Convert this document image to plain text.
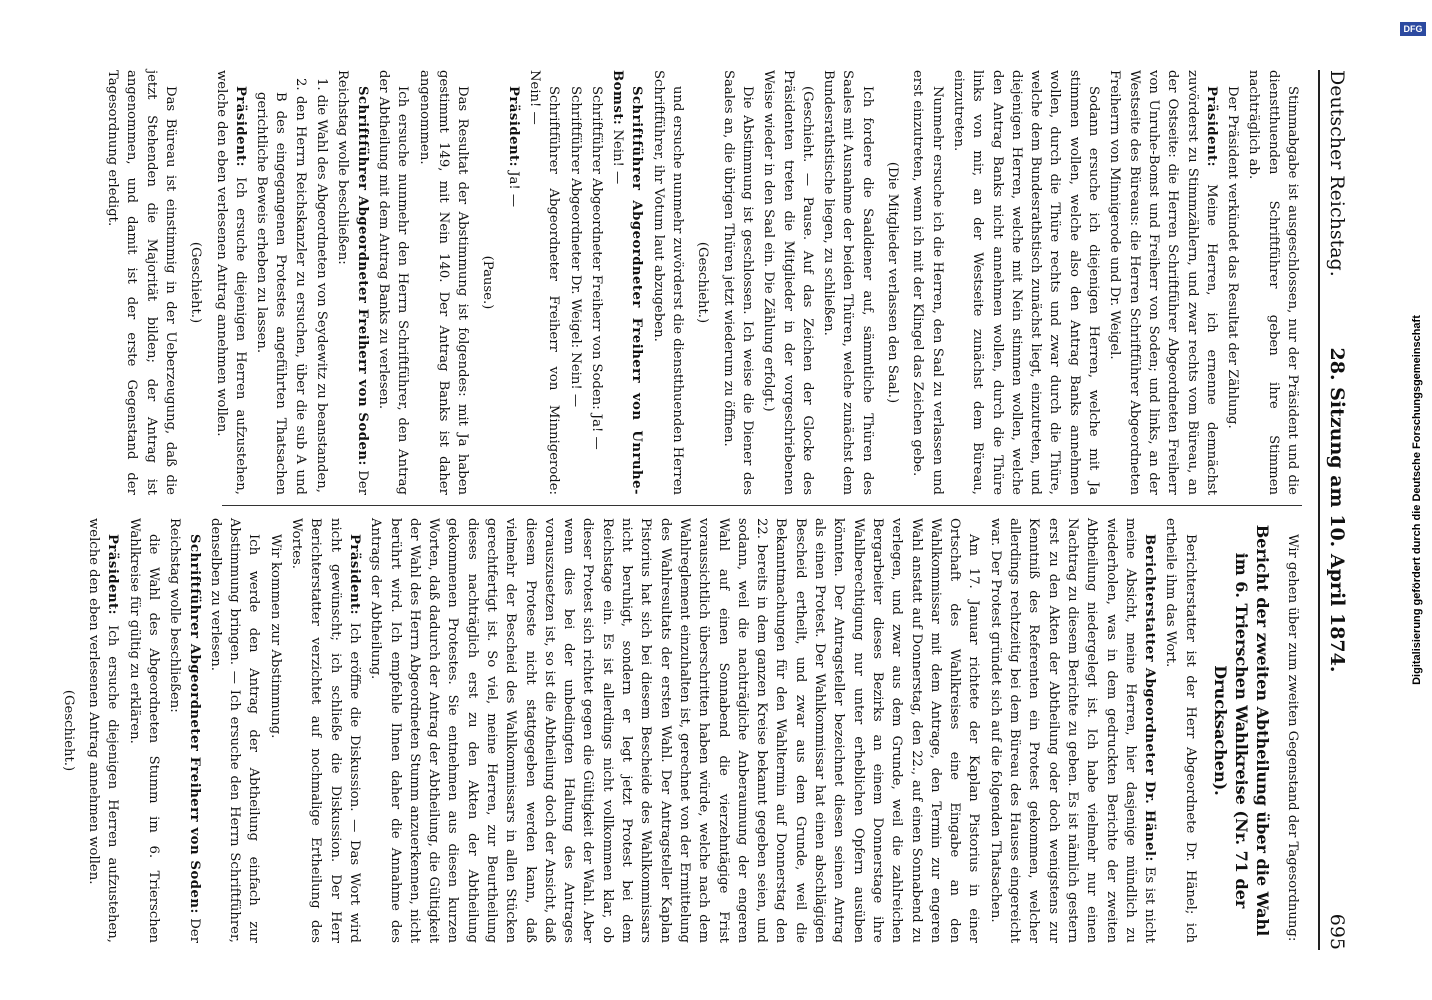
Deutscher Reichstag.
28. Sitzung am 10. April 1874.
695
Stimmabgabe ist ausgeschlossen, nur der Präsident und die dienstthuenden Schriftführer geben ihre Stimmen nachträglich ab.
Der Präsident verkündet das Resultat der Zählung.
Präsident: Meine Herren, ich ernenne demnächst zuvörderst zu Stimmzählern, und zwar rechts vom Büreau, an der Ostseite: die Herren Schriftführer Abgeordneten Freiherr von Unruhe-Bomst und Freiherr von Soden; und links, an der Westseite des Büreaus: die Herren Schriftführer Abgeordneten Freiherrn von Minnigerode und Dr. Weigel.
Sodann ersuche ich diejenigen Herren, welche mit Ja stimmen wollen, welche also den Antrag Banks annehmen wollen, durch die Thüre rechts und zwar durch die Thüre, welche dem Bundesrathstisch zunächst liegt, einzutreten, und diejenigen Herren, welche mit Nein stimmen wollen, welche den Antrag Banks nicht annehmen wollen, durch die Thüre links von mir, an der Westseite zunächst dem Büreau, einzutreten.
Nunmehr ersuche ich die Herren, den Saal zu verlassen und erst einzutreten, wenn ich mit der Klingel das Zeichen gebe.
(Die Mitglieder verlassen den Saal.)
Ich fordere die Saaldiener auf, sämmtliche Thüren des Saales mit Ausnahme der beiden Thüren, welche zunächst dem Bundesrathstische liegen, zu schließen.
(Geschieht. — Pause. Auf das Zeichen der Glocke des Präsidenten treten die Mitglieder in der vorgeschriebenen Weise wieder in den Saal ein. Die Zählung erfolgt.)
Die Abstimmung ist geschlossen. Ich weise die Diener des Saales an, die übrigen Thüren jetzt wiederum zu öffnen.
(Geschieht.)
und ersuche nunmehr zuvörderst die dienstthuenden Herren Schriftführer, ihr Votum laut abzugeben.
Schriftführer Abgeordneter Freiherr von Unruhe-Bomst: Nein! —
Schriftführer Abgeordneter Freiherr von Soden: Ja! —
Schriftführer Abgeordneter Dr. Weigel: Nein! —
Schriftführer Abgeordneter Freiherr von Minnigerode: Nein! —
Präsident: Ja! —
(Pause.)
Das Resultat der Abstimmung ist folgendes: mit Ja haben gestimmt 149, mit Nein 140. Der Antrag Banks ist daher angenommen.
Ich ersuche nunmehr den Herrn Schriftführer, den Antrag der Abtheilung mit dem Antrag Banks zu verlesen.
Schriftführer Abgeordneter Freiherr von Soden: Der Reichstag wolle beschließen:
1. die Wahl des Abgeordneten von Seydewitz zu beanstanden,
2. den Herrn Reichskanzler zu ersuchen, über die sub A und B des eingegangenen Protestes angeführten Thatsachen gerichtliche Beweis erheben zu lassen.
Präsident: Ich ersuche diejenigen Herren aufzustehen, welche den eben verlesenen Antrag annehmen wollen.
(Geschieht.)
Das Büreau ist einstimmig in der Ueberzeugung, daß die jetzt Stehenden die Majorität bilden; der Antrag ist angenommen, und damit ist der erste Gegenstand der Tagesordnung erledigt.
Wir gehen über zum zweiten Gegenstand der Tagesordnung:
Bericht der zweiten Abtheilung über die Wahl im 6. Trierschen Wahlkreise (Nr. 71 der Drucksachen).
Berichterstatter ist der Herr Abgeordnete Dr. Hänel; ich ertheile ihm das Wort.
Berichterstatter Abgeordneter Dr. Hänel: Es ist nicht meine Absicht, meine Herren, hier dasjenige mündlich zu wiederholen, was in dem gedruckten Berichte der zweiten Abtheilung niedergelegt ist. Ich habe vielmehr nur einen Nachtrag zu diesem Berichte zu geben. Es ist nämlich gestern erst zu den Akten der Abtheilung oder doch wenigstens zur Kenntniß des Referenten ein Protest gekommen, welcher allerdings rechtzeitig bei dem Büreau des Hauses eingereicht war. Der Protest gründet sich auf die folgenden Thatsachen.
Am 17. Januar richtete der Kaplan Pistorius in einer Ortschaft des Wahlkreises eine Eingabe an den Wahlkommissar mit dem Antrage, den Termin zur engeren Wahl anstatt auf Donnerstag, den 22., auf einen Sonnabend zu verlegen, und zwar aus dem Grunde, weil die zahlreichen Bergarbeiter dieses Bezirks an einem Donnerstage ihre Wahlberechtigung nur unter erheblichen Opfern ausüben könnten. Der Antragsteller bezeichnet diesen seinen Antrag als einen Protest. Der Wahlkommissar hat einen abschlägigen Bescheid ertheilt, und zwar aus dem Grunde, weil die Bekanntmachungen für den Wahltermin auf Donnerstag den 22. bereits in dem ganzen Kreise bekannt gegeben seien, und sodann, weil die nachträgliche Anberaumung der engeren Wahl auf einen Sonnabend die vierzehntägige Frist voraussichtlich überschritten haben würde, welche nach dem Wahlreglement einzuhalten ist, gerechnet von der Ermittelung des Wahlresultats der ersten Wahl. Der Antragsteller Kaplan Pistorius hat sich bei diesem Bescheide des Wahlkommissars nicht beruhigt, sondern er legt jetzt Protest bei dem Reichstage ein. Es ist allerdings nicht vollkommen klar, ob dieser Protest sich richtet gegen die Gültigkeit der Wahl. Aber wenn dies bei der unbedingten Haltung des Antrages vorauszusetzen ist, so ist die Abtheilung doch der Ansicht, daß diesem Proteste nicht stattgegeben werden kann, daß vielmehr der Bescheid des Wahlkommissars in allen Stücken gerechtfertigt ist. So viel, meine Herren, zur Beurtheilung dieses nachträglich erst zu den Akten der Abtheilung gekommenen Protestes. Sie entnehmen aus diesen kurzen Worten, daß dadurch der Antrag der Abtheilung, die Gültigkeit der Wahl des Herrn Abgeordneten Stumm anzuerkennen, nicht berührt wird. Ich empfehle Ihnen daher die Annahme des Antrags der Abtheilung.
Präsident: Ich eröffne die Diskussion. — Das Wort wird nicht gewünscht; ich schließe die Diskussion. Der Herr Berichterstatter verzichtet auf nochmalige Ertheilung des Wortes.
Wir kommen zur Abstimmung.
Ich werde den Antrag der Abtheilung einfach zur Abstimmung bringen. — Ich ersuche den Herrn Schriftführer, denselben zu verlesen.
Schriftführer Abgeordneter Freiherr von Soden: Der Reichstag wolle beschließen:
die Wahl des Abgeordneten Stumm im 6. Trierschen Wahlkreise für gültig zu erklären.
Präsident: Ich ersuche diejenigen Herren aufzustehen, welche den eben verlesenen Antrag annehmen wollen.
(Geschieht.)
Digitalisierung gefördert durch die Deutsche Forschungsgemeinschaft
DFG
